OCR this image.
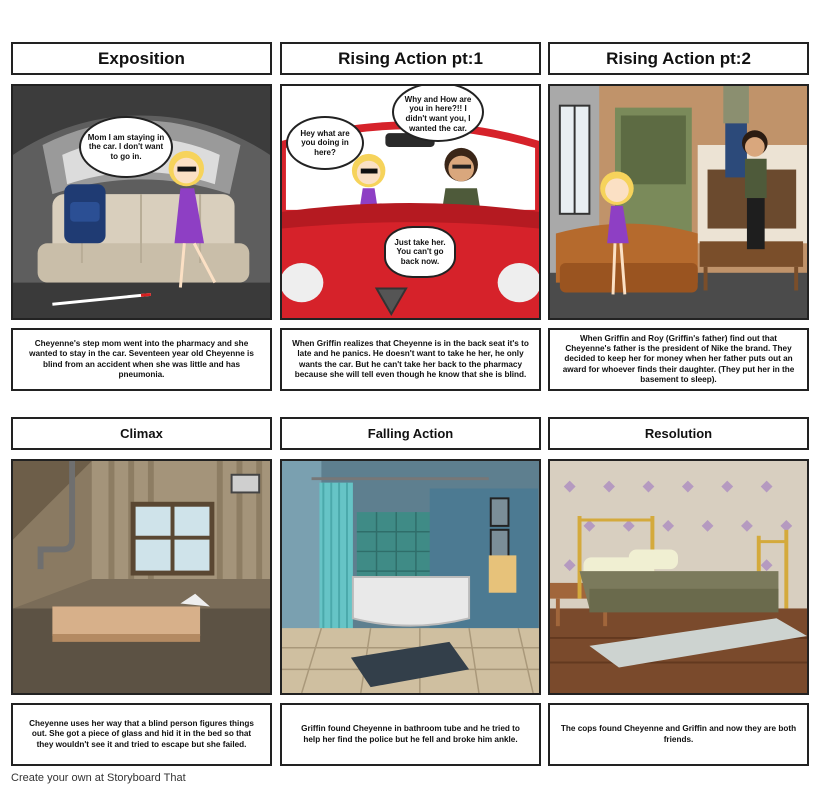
Exposition	Rising Action pt:1	Rising Action pt:2
Mom I am staying in the car. I don't want to go in.
Hey what are you doing in here?
Why and How are you in here?!! I didn't want you, I wanted the car.
Just take her. You can't go back now.
Cheyenne's step mom went into the pharmacy and she wanted to stay in the car. Seventeen year old Cheyenne is blind from an accident when she was little and has pneumonia.
When Griffin realizes that Cheyenne is in the back seat it's to late and he panics. He doesn't want to take he her, he only wants the car. But he can't take her back to the pharmacy because she will tell even though he know that she is blind.
When Griffin and Roy (Griffin's father) find out that Cheyenne's father is the president of Nike the brand. They decided to keep her for money when her father puts out an award for whoever finds their daughter. (They put her in the basement to sleep).
Climax	Falling Action	Resolution
Cheyenne uses her way that a blind person figures things out. She got a piece of glass and hid it in the bed so that they wouldn't see it and tried to escape but she failed.
Griffin found Cheyenne in bathroom tube and he tried to help her find the police but he fell and broke him ankle.
The cops found Cheyenne and Griffin and now they are both friends.
Create your own at Storyboard That
